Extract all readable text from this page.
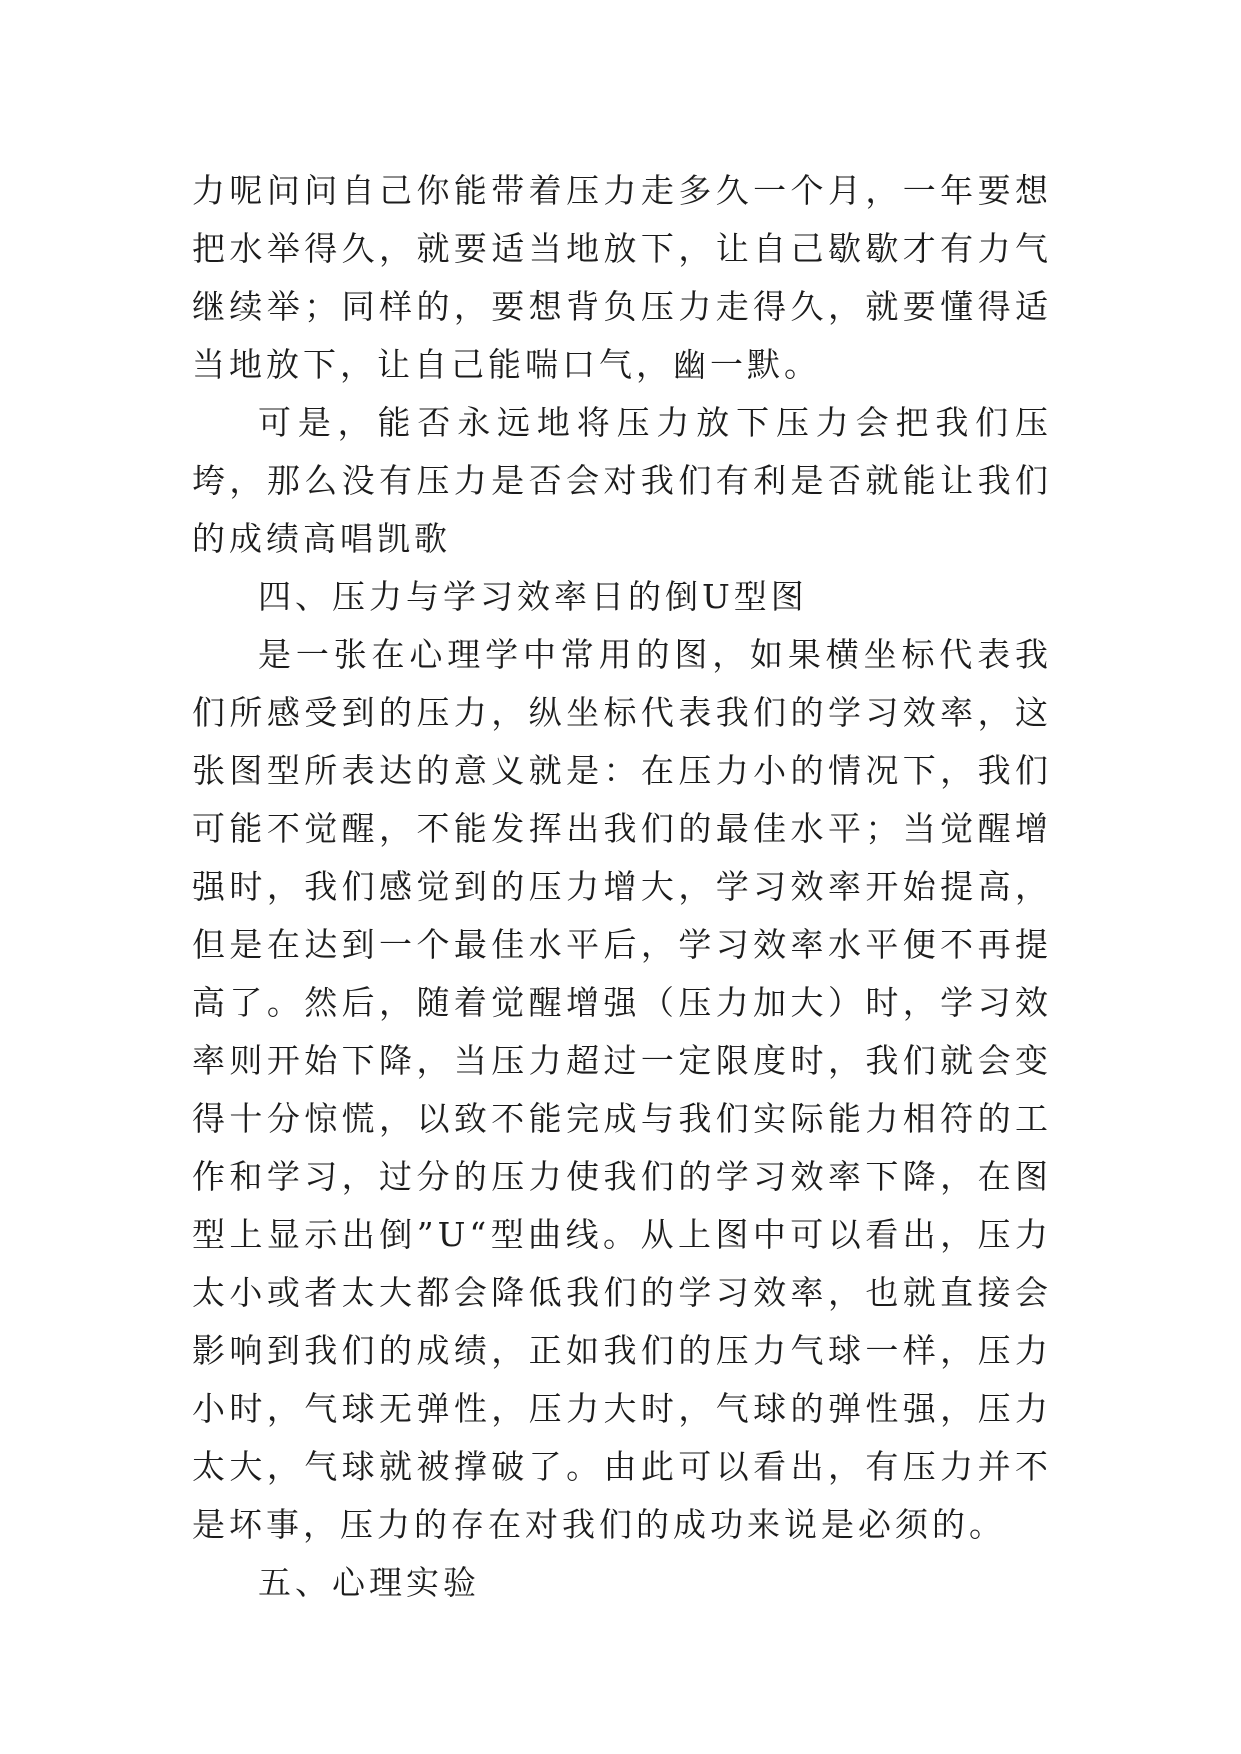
力呢问问自己你能带着压力走多久一个月，一年要想把水举得久，就要适当地放下，让自己歇歇才有力气继续举；同样的，要想背负压力走得久，就要懂得适当地放下，让自己能喘口气，幽一默。

可是，能否永远地将压力放下压力会把我们压垮，那么没有压力是否会对我们有利是否就能让我们的成绩高唱凯歌

四、压力与学习效率日的倒U型图

是一张在心理学中常用的图，如果横坐标代表我们所感受到的压力，纵坐标代表我们的学习效率，这张图型所表达的意义就是：在压力小的情况下，我们可能不觉醒，不能发挥出我们的最佳水平；当觉醒增强时，我们感觉到的压力增大，学习效率开始提高，但是在达到一个最佳水平后，学习效率水平便不再提高了。然后，随着觉醒增强（压力加大）时，学习效率则开始下降，当压力超过一定限度时，我们就会变得十分惊慌，以致不能完成与我们实际能力相符的工作和学习，过分的压力使我们的学习效率下降，在图型上显示出倒”U“型曲线。从上图中可以看出，压力太小或者太大都会降低我们的学习效率，也就直接会影响到我们的成绩，正如我们的压力气球一样，压力小时，气球无弹性，压力大时，气球的弹性强，压力太大，气球就被撑破了。由此可以看出，有压力并不是坏事，压力的存在对我们的成功来说是必须的。

五、心理实验
